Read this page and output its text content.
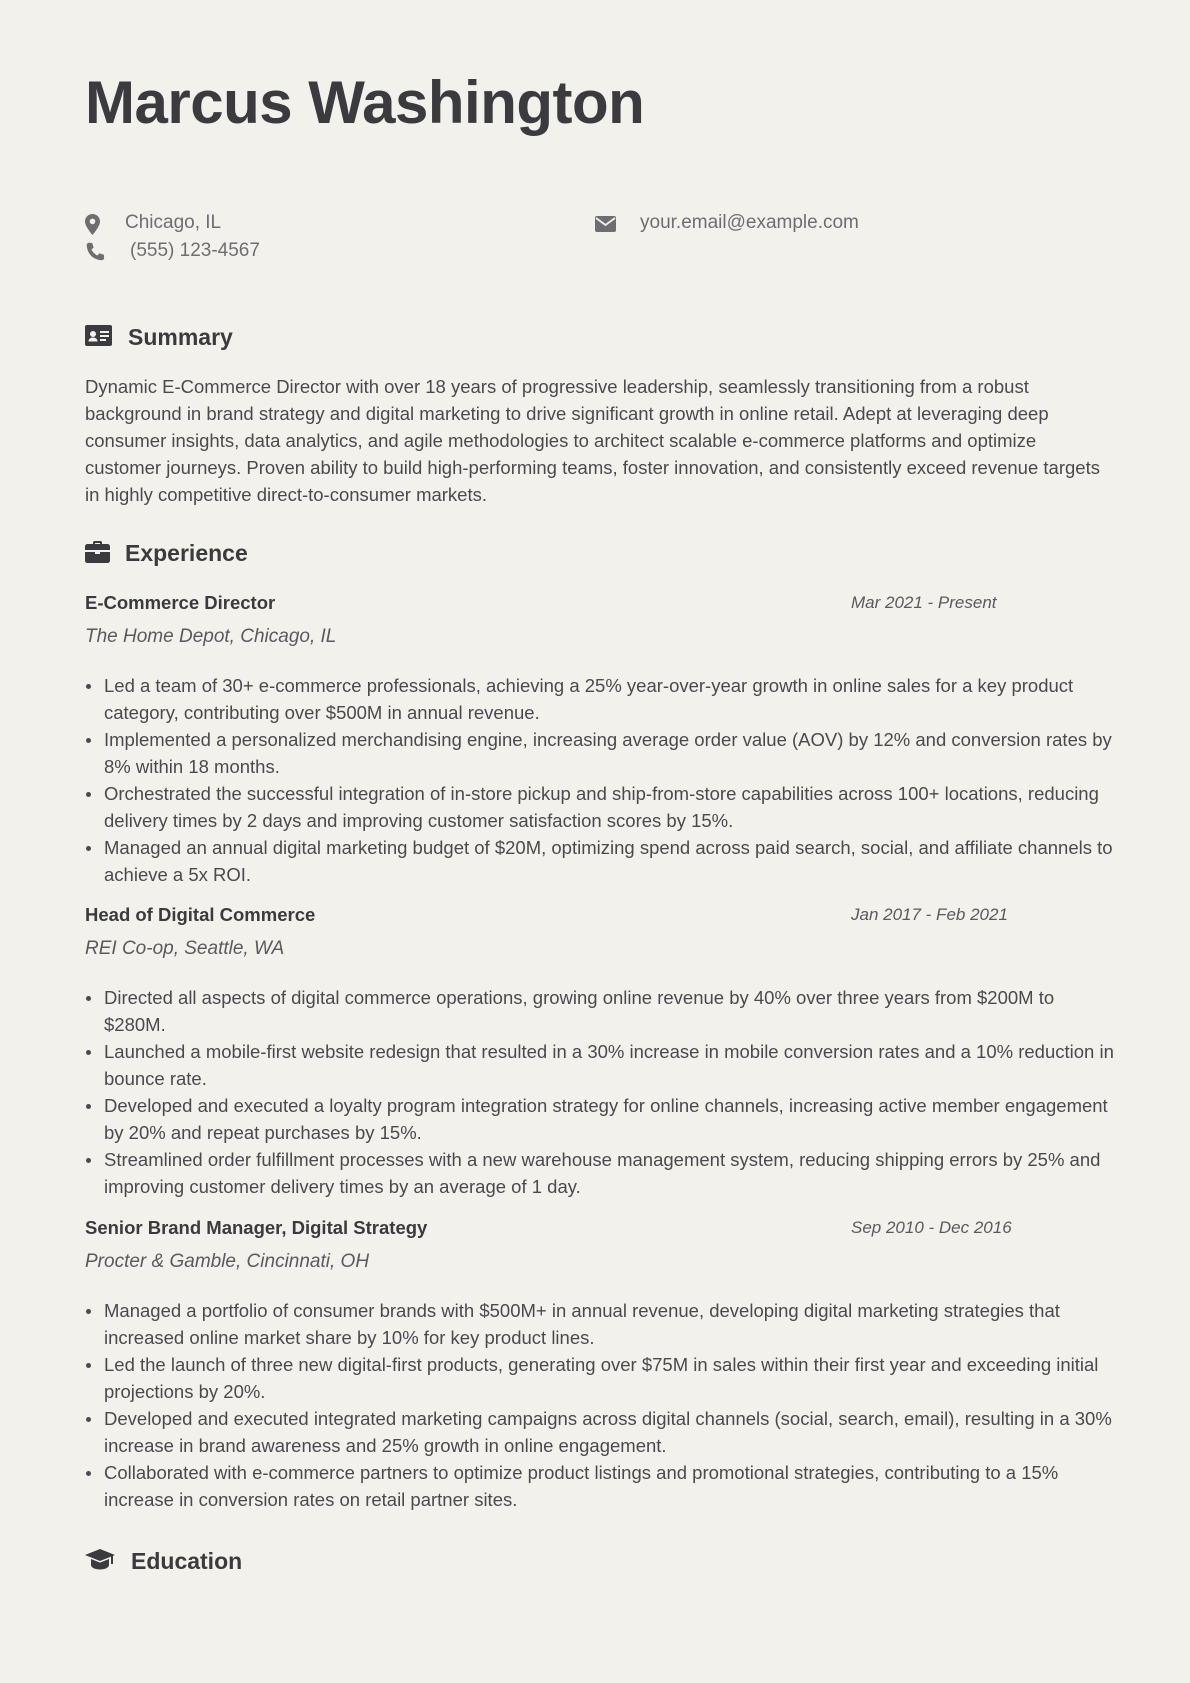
Marcus Washington
Chicago, IL	your.email@example.com
(555) 123-4567
Summary

Dynamic E-Commerce Director with over 18 years of progressive leadership, seamlessly transitioning from a robust background in brand strategy and digital marketing to drive significant growth in online retail. Adept at leveraging deep consumer insights, data analytics, and agile methodologies to architect scalable e-commerce platforms and optimize customer journeys. Proven ability to build high-performing teams, foster innovation, and consistently exceed revenue targets in highly competitive direct-to-consumer markets.

Experience
E-Commerce Director	Mar 2021 - Present
The Home Depot, Chicago, IL
Led a team of 30+ e-commerce professionals, achieving a 25% year-over-year growth in online sales for a key product category, contributing over $500M in annual revenue.
Implemented a personalized merchandising engine, increasing average order value (AOV) by 12% and conversion rates by 8% within 18 months.
Orchestrated the successful integration of in-store pickup and ship-from-store capabilities across 100+ locations, reducing delivery times by 2 days and improving customer satisfaction scores by 15%.
Managed an annual digital marketing budget of $20M, optimizing spend across paid search, social, and affiliate channels to achieve a 5x ROI.
Head of Digital Commerce	Jan 2017 - Feb 2021
REI Co-op, Seattle, WA
Directed all aspects of digital commerce operations, growing online revenue by 40% over three years from $200M to $280M.
Launched a mobile-first website redesign that resulted in a 30% increase in mobile conversion rates and a 10% reduction in bounce rate.
Developed and executed a loyalty program integration strategy for online channels, increasing active member engagement by 20% and repeat purchases by 15%.
Streamlined order fulfillment processes with a new warehouse management system, reducing shipping errors by 25% and improving customer delivery times by an average of 1 day.
Senior Brand Manager, Digital Strategy	Sep 2010 - Dec 2016
Procter & Gamble, Cincinnati, OH
Managed a portfolio of consumer brands with $500M+ in annual revenue, developing digital marketing strategies that increased online market share by 10% for key product lines.
Led the launch of three new digital-first products, generating over $75M in sales within their first year and exceeding initial projections by 20%.
Developed and executed integrated marketing campaigns across digital channels (social, search, email), resulting in a 30% increase in brand awareness and 25% growth in online engagement.
Collaborated with e-commerce partners to optimize product listings and promotional strategies, contributing to a 15% increase in conversion rates on retail partner sites.
Education
